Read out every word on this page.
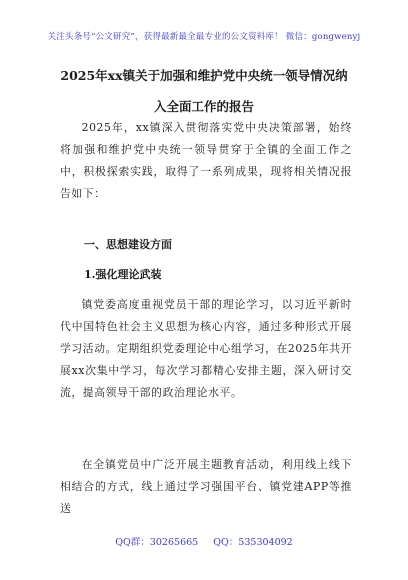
关注头条号“公文研究”，获得最新最全最专业的公文资料库！ 微信：gongwenyj
2025年xx镇关于加强和维护党中央统一领导情况纳
入全面工作的报告

2025年，xx镇深入贯彻落实党中央决策部署，始终将加强和维护党中央统一领导贯穿于全镇的全面工作之中，积极探索实践，取得了一系列成果，现将相关情况报告如下：

一、思想建设方面
1.强化理论武装

镇党委高度重视党员干部的理论学习，以习近平新时代中国特色社会主义思想为核心内容，通过多种形式开展学习活动。定期组织党委理论中心组学习，在2025年共开展xx次集中学习，每次学习都精心安排主题，深入研讨交流，提高领导干部的政治理论水平。

在全镇党员中广泛开展主题教育活动，利用线上线下相结合的方式，线上通过学习强国平台、镇党建APP等推送

QQ群：30265665 QQ：535304092
